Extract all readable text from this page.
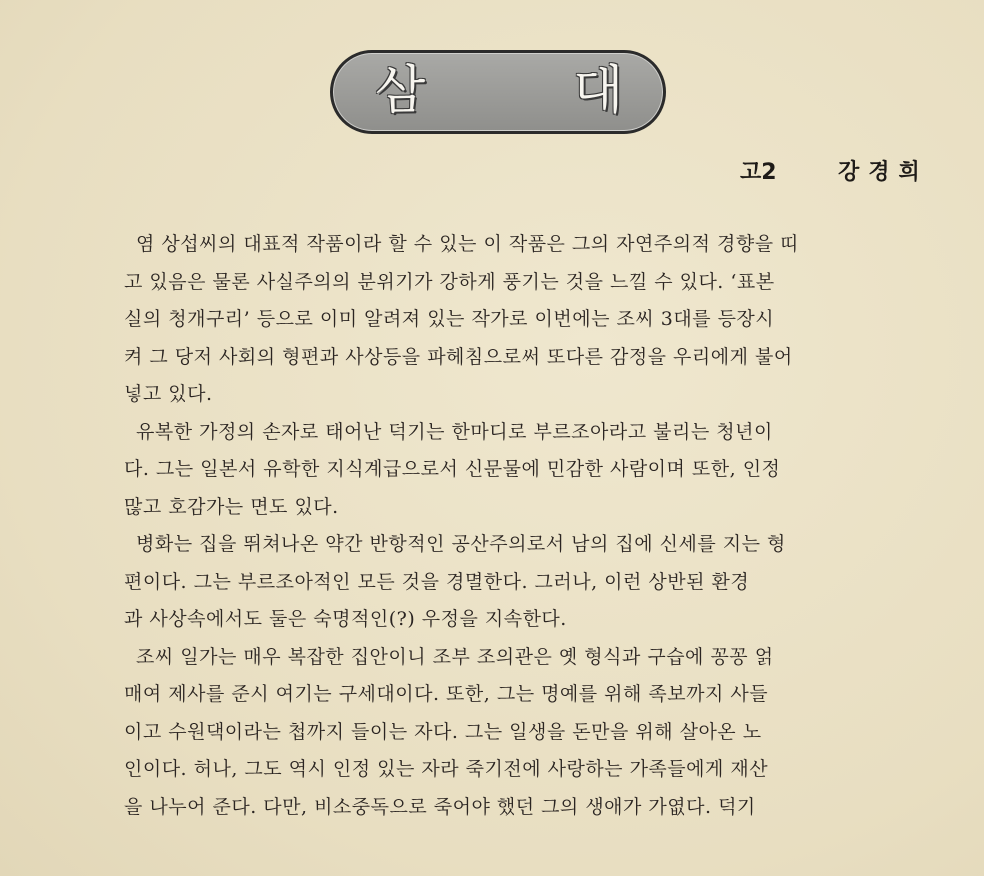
삼	대
고2	강경희
염 상섭씨의 대표적 작품이라 할 수 있는 이 작품은 그의 자연주의적 경향을 띠
고 있음은 물론 사실주의의 분위기가 강하게 풍기는 것을 느낄 수 있다. ‘표본
실의 청개구리’ 등으로 이미 알려져 있는 작가로 이번에는 조씨 3대를 등장시
켜 그 당저 사회의 형편과 사상등을 파헤침으로써 또다른 감정을 우리에게 불어
넣고 있다.
유복한 가정의 손자로 태어난 덕기는 한마디로 부르조아라고 불리는 청년이
다. 그는 일본서 유학한 지식계급으로서 신문물에 민감한 사람이며 또한, 인정
많고 호감가는 면도 있다.
병화는 집을 뛰쳐나온 약간 반항적인 공산주의로서 남의 집에 신세를 지는 형
편이다. 그는 부르조아적인 모든 것을 경멸한다. 그러나, 이런 상반된 환경
과 사상속에서도 둘은 숙명적인(?) 우정을 지속한다.
조씨 일가는 매우 복잡한 집안이니 조부 조의관은 옛 형식과 구습에 꽁꽁 얽
매여 제사를 준시 여기는 구세대이다. 또한, 그는 명예를 위해 족보까지 사들
이고 수원댁이라는 첩까지 들이는 자다. 그는 일생을 돈만을 위해 살아온 노
인이다. 허나, 그도 역시 인정 있는 자라 죽기전에 사랑하는 가족들에게 재산
을 나누어 준다. 다만, 비소중독으로 죽어야 했던 그의 생애가 가엾다. 덕기
